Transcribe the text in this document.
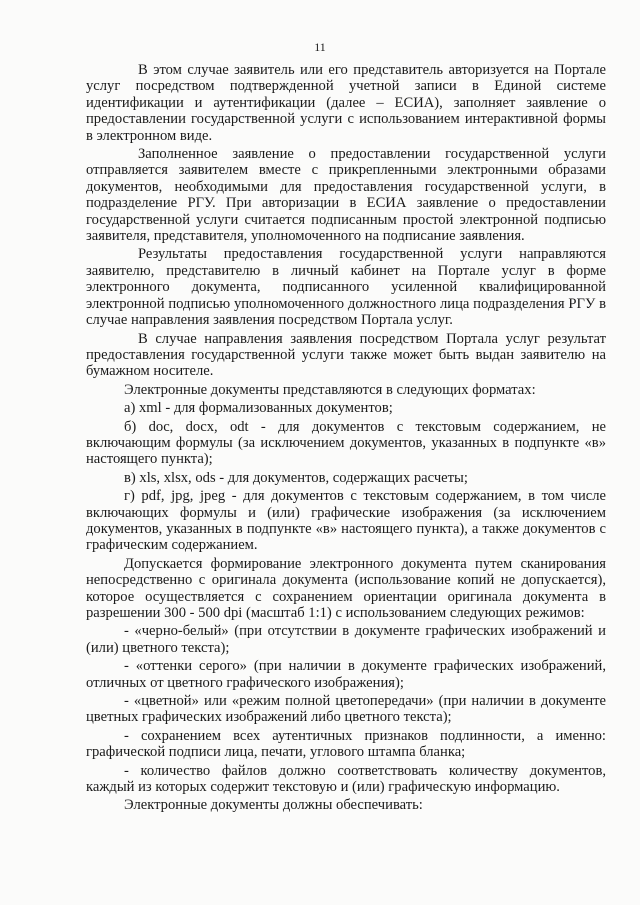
11

В этом случае заявитель или его представитель авторизуется на Портале услуг посредством подтвержденной учетной записи в Единой системе идентификации и аутентификации (далее – ЕСИА), заполняет заявление о предоставлении государственной услуги с использованием интерактивной формы в электронном виде.

Заполненное заявление о предоставлении государственной услуги отправляется заявителем вместе с прикрепленными электронными образами документов, необходимыми для предоставления государственной услуги, в подразделение РГУ. При авторизации в ЕСИА заявление о предоставлении государственной услуги считается подписанным простой электронной подписью заявителя, представителя, уполномоченного на подписание заявления.

Результаты предоставления государственной услуги направляются заявителю, представителю в личный кабинет на Портале услуг в форме электронного документа, подписанного усиленной квалифицированной электронной подписью уполномоченного должностного лица подразделения РГУ в случае направления заявления посредством Портала услуг.

В случае направления заявления посредством Портала услуг результат предоставления государственной услуги также может быть выдан заявителю на бумажном носителе.

Электронные документы представляются в следующих форматах:

а) xml - для формализованных документов;

б) doc, docx, odt - для документов с текстовым содержанием, не включающим формулы (за исключением документов, указанных в подпункте «в» настоящего пункта);

в) xls, xlsx, ods - для документов, содержащих расчеты;

г) pdf, jpg, jpeg - для документов с текстовым содержанием, в том числе включающих формулы и (или) графические изображения (за исключением документов, указанных в подпункте «в» настоящего пункта), а также документов с графическим содержанием.

Допускается формирование электронного документа путем сканирования непосредственно с оригинала документа (использование копий не допускается), которое осуществляется с сохранением ориентации оригинала документа в разрешении 300 - 500 dpi (масштаб 1:1) с использованием следующих режимов:

- «черно-белый» (при отсутствии в документе графических изображений и (или) цветного текста);

- «оттенки серого» (при наличии в документе графических изображений, отличных от цветного графического изображения);

- «цветной» или «режим полной цветопередачи» (при наличии в документе цветных графических изображений либо цветного текста);

- сохранением всех аутентичных признаков подлинности, а именно: графической подписи лица, печати, углового штампа бланка;

- количество файлов должно соответствовать количеству документов, каждый из которых содержит текстовую и (или) графическую информацию.

Электронные документы должны обеспечивать:
